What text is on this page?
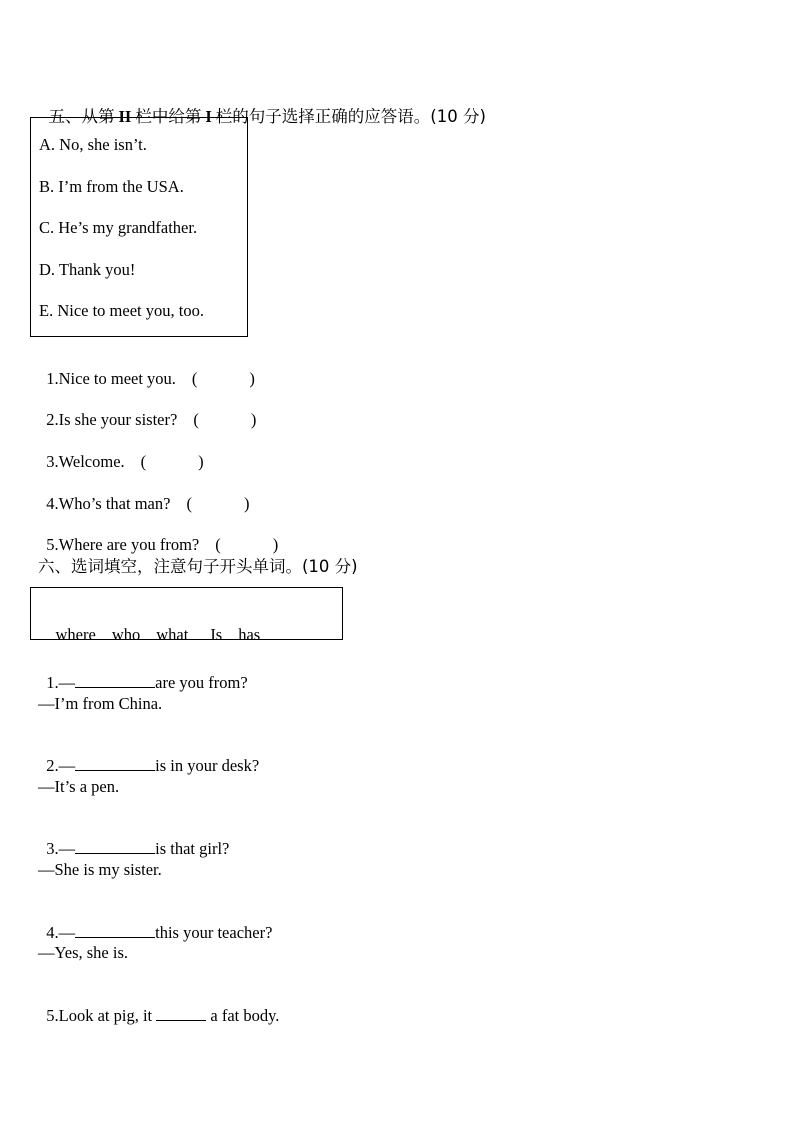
五、从第 II 栏中给第 I 栏的句子选择正确的应答语。(10 分)

A. No, she isn’t.
B. I’m from the USA.
C. He’s my grandfather.
D. Thank you!
E. Nice to meet you, too.

1.Nice to meet you. (	)

2.Is she your sister? (	)

3.Welcome. (	)

4.Who’s that man? (	)

5.Where are you from? (	)

六、选词填空，注意句子开头单词。(10 分)

where who what Is has

1.—	are you from?

—I’m from China.

2.—	is in your desk?

—It’s a pen.

3.—	is that girl?

—She is my sister.

4.—	this your teacher?

—Yes, she is.

5.Look at pig, it	a fat body.
